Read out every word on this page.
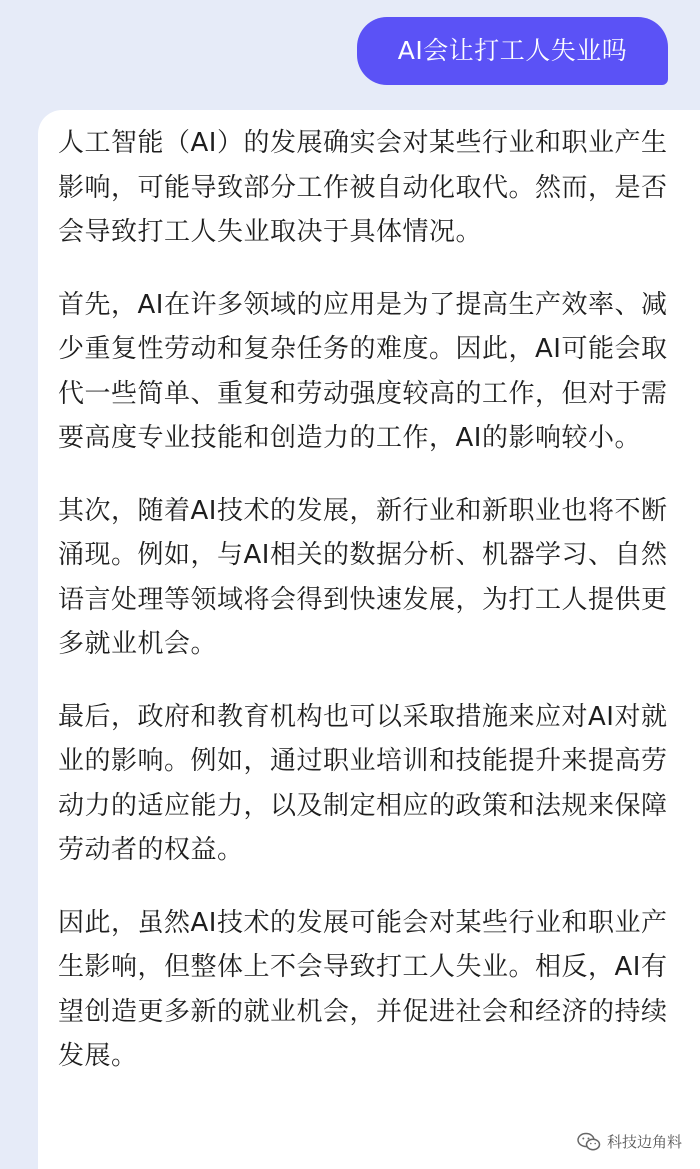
AI会让打工人失业吗

人工智能（AI）的发展确实会对某些行业和职业产生影响，可能导致部分工作被自动化取代。然而，是否会导致打工人失业取决于具体情况。

首先，AI在许多领域的应用是为了提高生产效率、减少重复性劳动和复杂任务的难度。因此，AI可能会取代一些简单、重复和劳动强度较高的工作，但对于需要高度专业技能和创造力的工作，AI的影响较小。

其次，随着AI技术的发展，新行业和新职业也将不断涌现。例如，与AI相关的数据分析、机器学习、自然语言处理等领域将会得到快速发展，为打工人提供更多就业机会。

最后，政府和教育机构也可以采取措施来应对AI对就业的影响。例如，通过职业培训和技能提升来提高劳动力的适应能力，以及制定相应的政策和法规来保障劳动者的权益。

因此，虽然AI技术的发展可能会对某些行业和职业产生影响，但整体上不会导致打工人失业。相反，AI有望创造更多新的就业机会，并促进社会和经济的持续发展。

科技边角料
